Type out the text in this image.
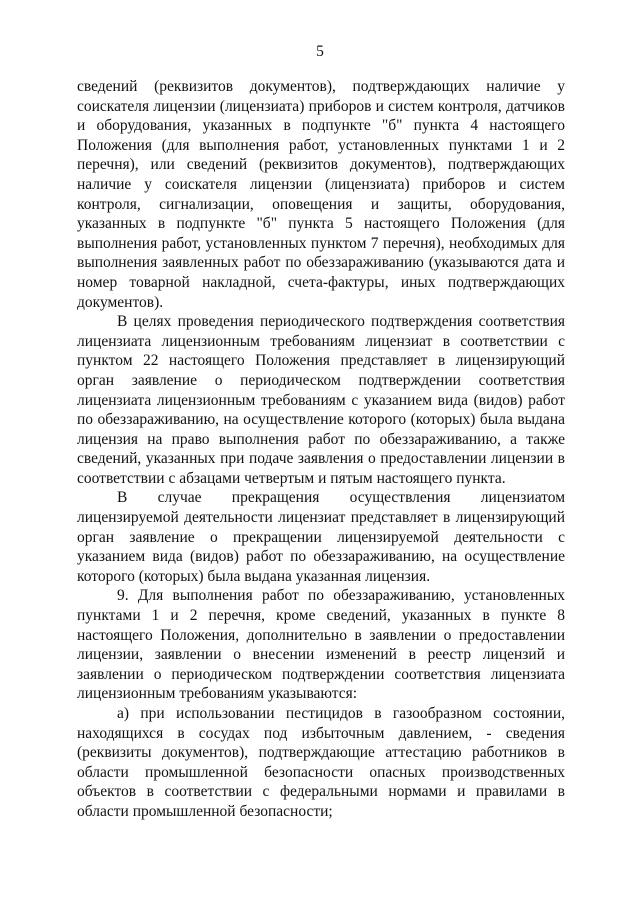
5

сведений (реквизитов документов), подтверждающих наличие у соискателя лицензии (лицензиата) приборов и систем контроля, датчиков и оборудования, указанных в подпункте "б" пункта 4 настоящего Положения (для выполнения работ, установленных пунктами 1 и 2 перечня), или сведений (реквизитов документов), подтверждающих наличие у соискателя лицензии (лицензиата) приборов и систем контроля, сигнализации, оповещения и защиты, оборудования, указанных в подпункте "б" пункта 5 настоящего Положения (для выполнения работ, установленных пунктом 7 перечня), необходимых для выполнения заявленных работ по обеззараживанию (указываются дата и номер товарной накладной, счета-фактуры, иных подтверждающих документов).

В целях проведения периодического подтверждения соответствия лицензиата лицензионным требованиям лицензиат в соответствии с пунктом 22 настоящего Положения представляет в лицензирующий орган заявление о периодическом подтверждении соответствия лицензиата лицензионным требованиям с указанием вида (видов) работ по обеззараживанию, на осуществление которого (которых) была выдана лицензия на право выполнения работ по обеззараживанию, а также сведений, указанных при подаче заявления о предоставлении лицензии в соответствии с абзацами четвертым и пятым настоящего пункта.

В случае прекращения осуществления лицензиатом лицензируемой деятельности лицензиат представляет в лицензирующий орган заявление о прекращении лицензируемой деятельности с указанием вида (видов) работ по обеззараживанию, на осуществление которого (которых) была выдана указанная лицензия.

9. Для выполнения работ по обеззараживанию, установленных пунктами 1 и 2 перечня, кроме сведений, указанных в пункте 8 настоящего Положения, дополнительно в заявлении о предоставлении лицензии, заявлении о внесении изменений в реестр лицензий и заявлении о периодическом подтверждении соответствия лицензиата лицензионным требованиям указываются:

а) при использовании пестицидов в газообразном состоянии, находящихся в сосудах под избыточным давлением, - сведения (реквизиты документов), подтверждающие аттестацию работников в области промышленной безопасности опасных производственных объектов в соответствии с федеральными нормами и правилами в области промышленной безопасности;
